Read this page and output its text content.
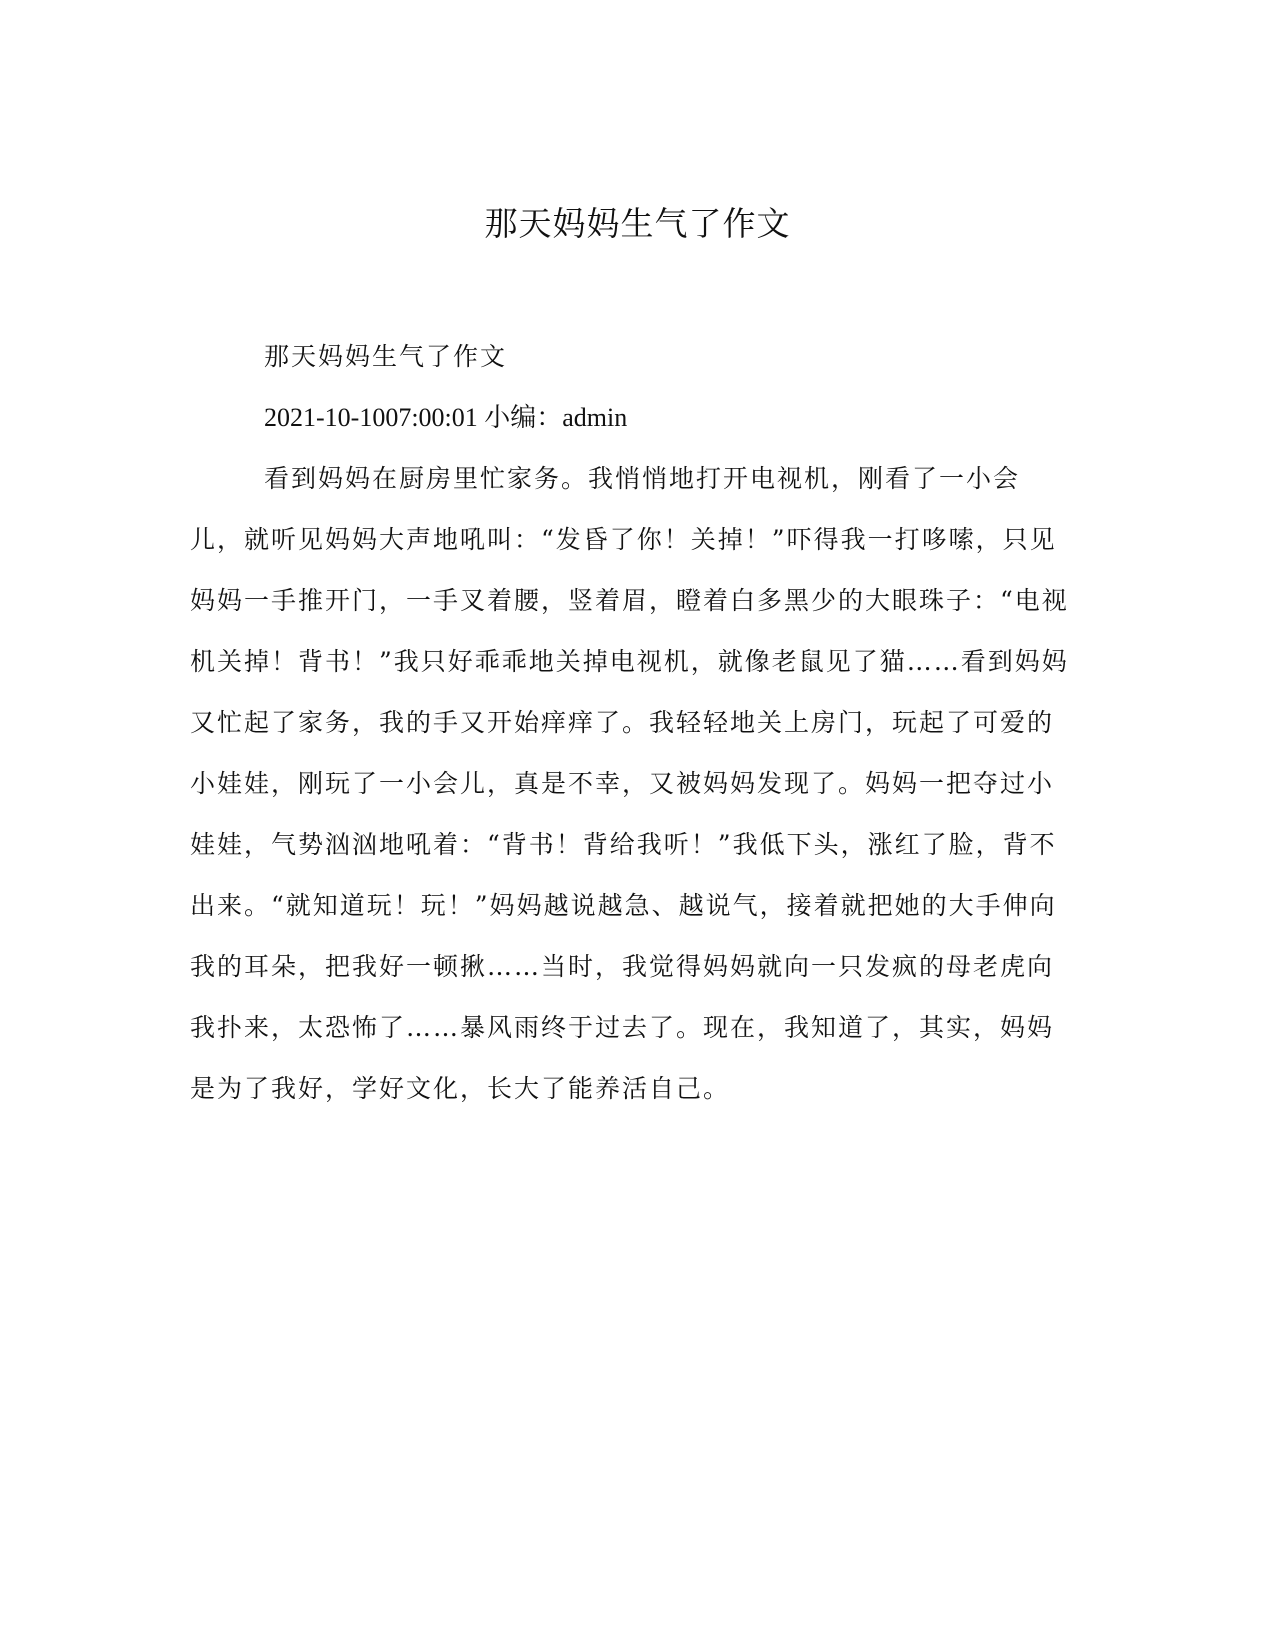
那天妈妈生气了作文

那天妈妈生气了作文

2021-10-1007:00:01 小编：admin

看到妈妈在厨房里忙家务。我悄悄地打开电视机，刚看了一小会儿，就听见妈妈大声地吼叫：“发昏了你！关掉！”吓得我一打哆嗦，只见妈妈一手推开门，一手叉着腰，竖着眉，瞪着白多黑少的大眼珠子：“电视机关掉！背书！”我只好乖乖地关掉电视机，就像老鼠见了猫……看到妈妈又忙起了家务，我的手又开始痒痒了。我轻轻地关上房门，玩起了可爱的小娃娃，刚玩了一小会儿，真是不幸，又被妈妈发现了。妈妈一把夺过小娃娃，气势汹汹地吼着：“背书！背给我听！”我低下头，涨红了脸，背不出来。“就知道玩！玩！”妈妈越说越急、越说气，接着就把她的大手伸向我的耳朵，把我好一顿揪……当时，我觉得妈妈就向一只发疯的母老虎向我扑来，太恐怖了……暴风雨终于过去了。现在，我知道了，其实，妈妈是为了我好，学好文化，长大了能养活自己。
